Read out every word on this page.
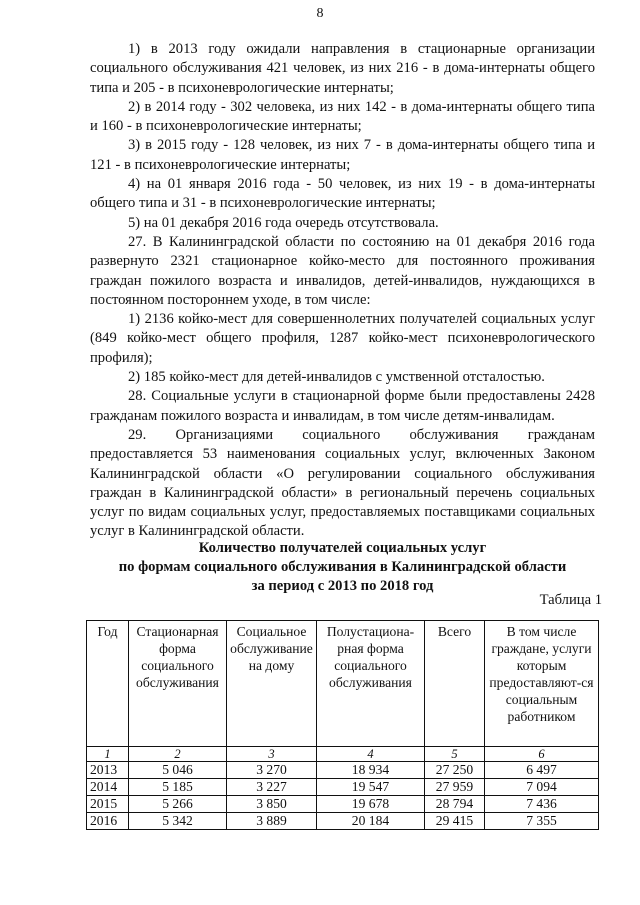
8

1) в 2013 году ожидали направления в стационарные организации социального обслуживания 421 человек, из них 216 - в дома-интернаты общего типа и 205 - в психоневрологические интернаты;

2) в 2014 году - 302 человека, из них 142 - в дома-интернаты общего типа и 160 - в психоневрологические интернаты;

3) в 2015 году - 128 человек, из них 7 - в дома-интернаты общего типа и 121 - в психоневрологические интернаты;

4) на 01 января 2016 года - 50 человек, из них 19 - в дома-интернаты общего типа и 31 - в психоневрологические интернаты;

5) на 01 декабря 2016 года очередь отсутствовала.

27. В Калининградской области по состоянию на 01 декабря 2016 года развернуто 2321 стационарное койко-место для постоянного проживания граждан пожилого возраста и инвалидов, детей-инвалидов, нуждающихся в постоянном постороннем уходе, в том числе:

1) 2136 койко-мест для совершеннолетних получателей социальных услуг (849 койко-мест общего профиля, 1287 койко-мест психоневрологического профиля);

2) 185 койко-мест для детей-инвалидов с умственной отсталостью.

28. Социальные услуги в стационарной форме были предоставлены 2428 гражданам пожилого возраста и инвалидам, в том числе детям-инвалидам.

29. Организациями социального обслуживания гражданам предоставляется 53 наименования социальных услуг, включенных Законом Калининградской области «О регулировании социального обслуживания граждан в Калининградской области» в региональный перечень социальных услуг по видам социальных услуг, предоставляемых поставщиками социальных услуг в Калининградской области.

Количество получателей социальных услуг
по формам социального обслуживания в Калининградской области
за период с 2013 по 2018 год
Таблица 1
Год	Стационарная форма социального обслуживания	Социальное обслуживание на дому	Полустациона-рная форма социального обслуживания	Всего	В том числе граждане, услуги которым предоставляют-ся социальным работником
1	2	3	4	5	6
2013	5 046	3 270	18 934	27 250	6 497
2014	5 185	3 227	19 547	27 959	7 094
2015	5 266	3 850	19 678	28 794	7 436
2016	5 342	3 889	20 184	29 415	7 355
